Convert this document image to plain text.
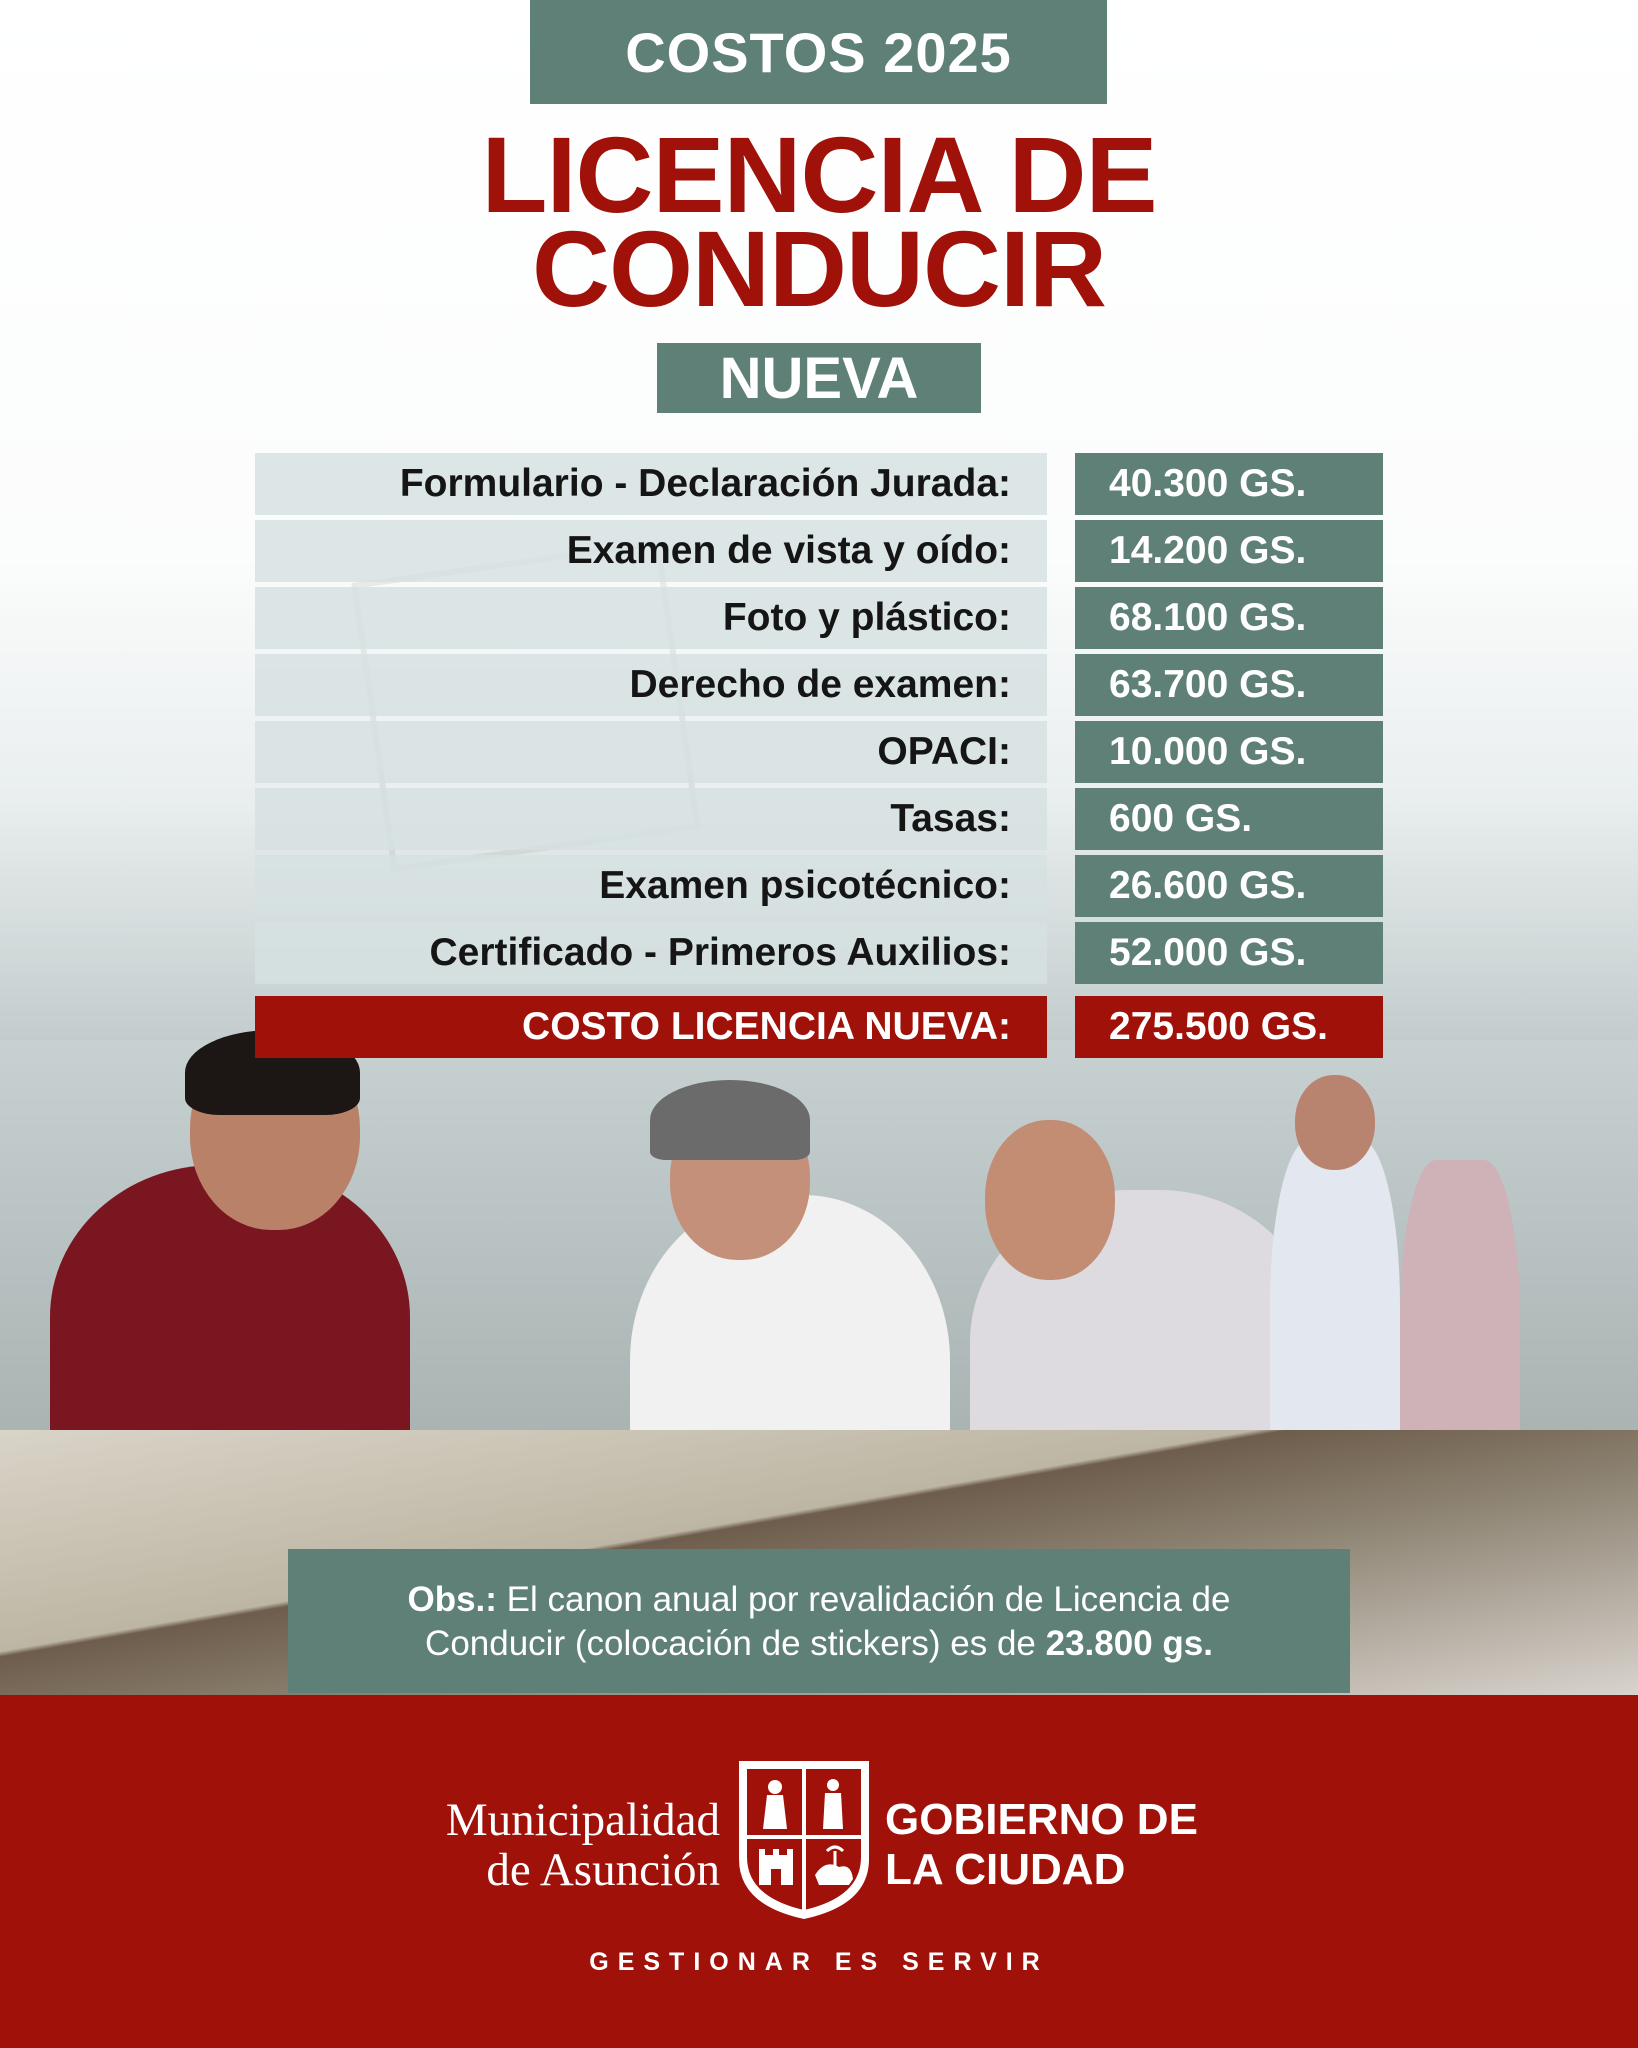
COSTOS 2025
LICENCIA DE
CONDUCIR
NUEVA
Formulario - Declaración Jurada:	40.300 GS.
Examen de vista y oído:	14.200 GS.
Foto y plástico:	68.100 GS.
Derecho de examen:	63.700 GS.
OPACI:	10.000 GS.
Tasas:	600 GS.
Examen psicotécnico:	26.600 GS.
Certificado - Primeros Auxilios:	52.000 GS.
COSTO LICENCIA NUEVA:	275.500 GS.
Obs.: El canon anual por revalidación de Licencia de
Conducir (colocación de stickers) es de 23.800 gs.
Municipalidad
de Asunción
GOBIERNO DE
LA CIUDAD
GESTIONAR ES SERVIR
